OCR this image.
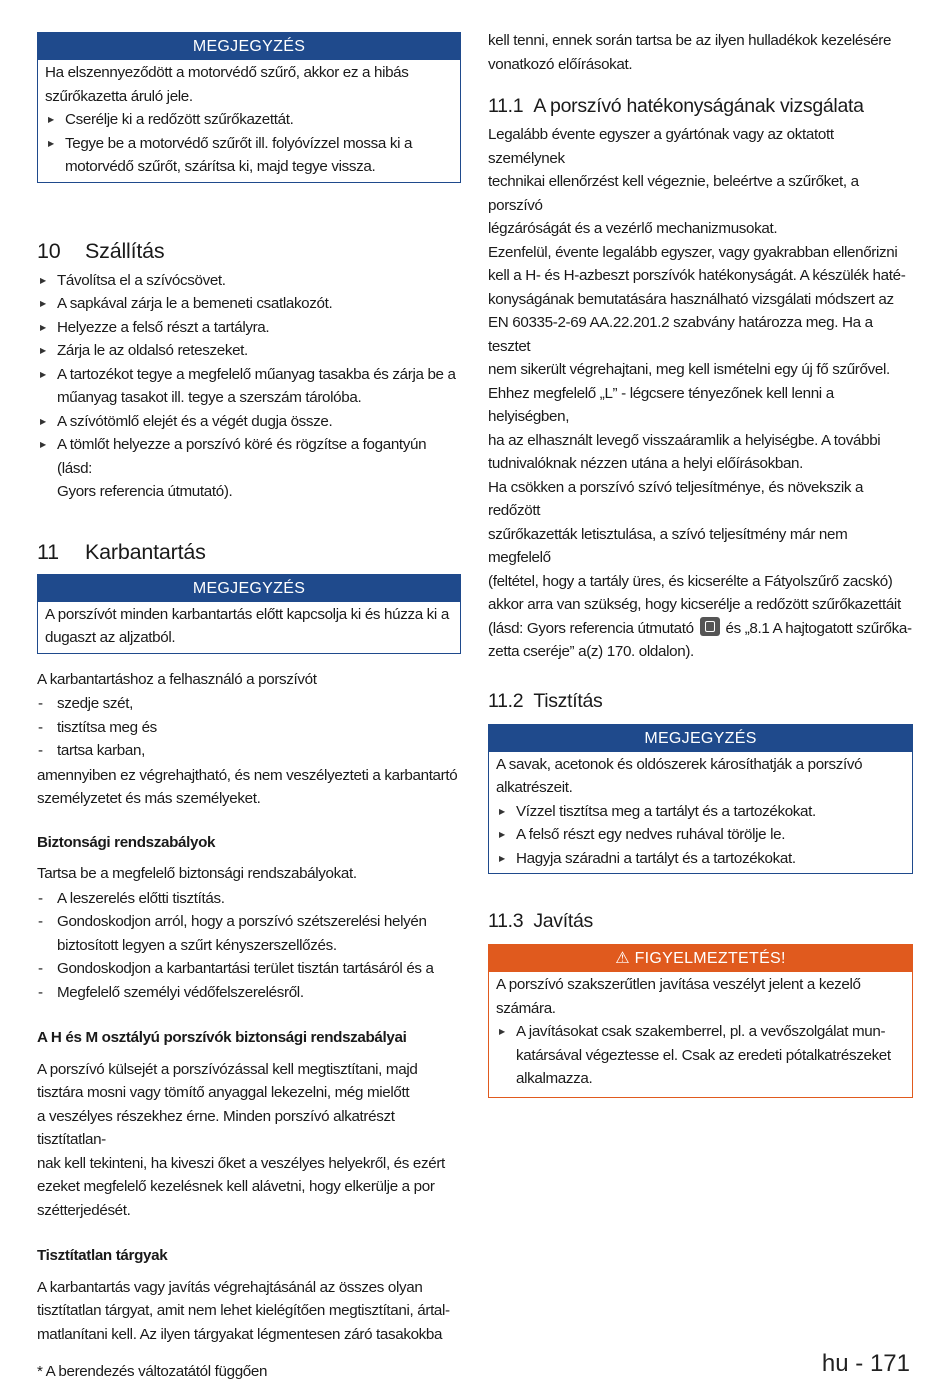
MEGJEGYZÉS

Ha elszennyeződött a motorvédő szűrő, akkor ez a hibás
szűrőkazetta áruló jele.

▶ Cserélje ki a redőzött szűrőkazettát.
▶ Tegye be a motorvédő szűrőt ill. folyóvízzel mossa ki a
motorvédő szűrőt, szárítsa ki, majd tegye vissza.
10 Szállítás
▶ Távolítsa el a szívócsövet.
▶ A sapkával zárja le a bemeneti csatlakozót.
▶ Helyezze a felső részt a tartályra.
▶ Zárja le az oldalsó reteszeket.
▶ A tartozékot tegye a megfelelő műanyag tasakba és zárja be a
műanyag tasakot ill. tegye a szerszám tárolóba.
▶ A szívótömlő elejét és a végét dugja össze.
▶ A tömlőt helyezze a porszívó köré és rögzítse a fogantyún (lásd:
Gyors referencia útmutató).
11 Karbantartás
MEGJEGYZÉS

A porszívót minden karbantartás előtt kapcsolja ki és húzza ki a
dugaszt az aljzatból.

A karbantartáshoz a felhasználó a porszívót

- szedje szét,
- tisztítsa meg és
- tartsa karban,

amennyiben ez végrehajtható, és nem veszélyezteti a karbantartó
személyzetet és más személyeket.

Biztonsági rendszabályok

Tartsa be a megfelelő biztonsági rendszabályokat.

- A leszerelés előtti tisztítás.
- Gondoskodjon arról, hogy a porszívó szétszerelési helyén
biztosított legyen a szűrt kényszerszellőzés.
- Gondoskodjon a karbantartási terület tisztán tartásáról és a
- Megfelelő személyi védőfelszerelésről.
A H és M osztályú porszívók biztonsági rendszabályai

A porszívó külsejét a porszívózással kell megtisztítani, majd
tisztára mosni vagy tömítő anyaggal lekezelni, még mielőtt
a veszélyes részekhez érne. Minden porszívó alkatrészt tisztítatlan-
nak kell tekinteni, ha kiveszi őket a veszélyes helyekről, és ezért
ezeket megfelelő kezelésnek kell alávetni, hogy elkerülje a por
szétterjedését.

Tisztítatlan tárgyak

A karbantartás vagy javítás végrehajtásánál az összes olyan
tisztítatlan tárgyat, amit nem lehet kielégítően megtisztítani, ártal-
matlanítani kell. Az ilyen tárgyakat légmentesen záró tasakokba

* A berendezés változatától függően

kell tenni, ennek során tartsa be az ilyen hulladékok kezelésére
vonatkozó előírásokat.

11.1 A porszívó hatékonyságának vizsgálata

Legalább évente egyszer a gyártónak vagy az oktatott személynek
technikai ellenőrzést kell végeznie, beleértve a szűrőket, a porszívó
légzáróságát és a vezérlő mechanizmusokat.

Ezenfelül, évente legalább egyszer, vagy gyakrabban ellenőrizni
kell a H- és H-azbeszt porszívók hatékonyságát. A készülék haté-
konyságának bemutatására használható vizsgálati módszert az
EN 60335-2-69 AA.22.201.2 szabvány határozza meg. Ha a tesztet
nem sikerült végrehajtani, meg kell ismételni egy új fő szűrővel.

Ehhez megfelelő „L” - légcsere tényezőnek kell lenni a helyiségben,
ha az elhasznált levegő visszaáramlik a helyiségbe. A további
tudnivalóknak nézzen utána a helyi előírásokban.

Ha csökken a porszívó szívó teljesítménye, és növekszik a redőzött
szűrőkazetták letisztulása, a szívó teljesítmény már nem megfelelő
(feltétel, hogy a tartály üres, és kicserélte a Fátyolszűrő zacskó)
akkor arra van szükség, hogy kicserélje a redőzött szűrőkazettáit
(lásd: Gyors referencia útmutató és „8.1 A hajtogatott szűrőka-
zetta cseréje” a(z) 170. oldalon).

11.2 Tisztítás
MEGJEGYZÉS

A savak, acetonok és oldószerek károsíthatják a porszívó
alkatrészeit.

▶ Vízzel tisztítsa meg a tartályt és a tartozékokat.
▶ A felső részt egy nedves ruhával törölje le.
▶ Hagyja száradni a tartályt és a tartozékokat.
11.3 Javítás
⚠ FIGYELMEZTETÉS!

A porszívó szakszerűtlen javítása veszélyt jelent a kezelő
számára.

▶ A javításokat csak szakemberrel, pl. a vevőszolgálat mun-
katársával végeztesse el. Csak az eredeti pótalkatrészeket
alkalmazza.
hu - 171
